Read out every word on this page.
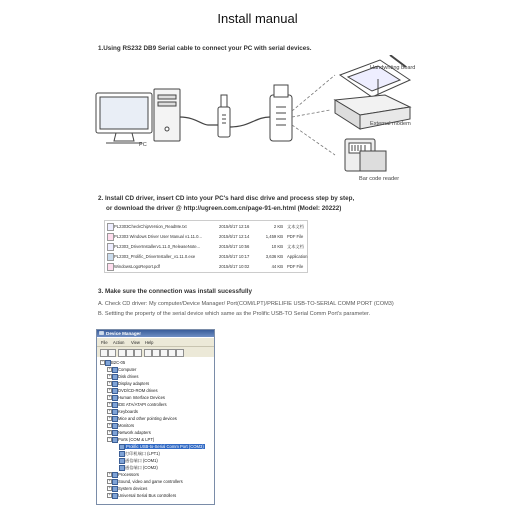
Install manual
1.Using RS232 DB9 Serial cable to connect your PC with serial devices.
PC
Handwriting board
External modem
Bar code reader
2. Install CD driver, insert CD into your PC's hard disc drive and process step by step,
or download the driver @ http://ugreen.com.cn/page-91-en.html (Model: 20222)
PL2303CheckChipVersion_ReadMe.txt	2015/6/17 12:16	2 KB 文本文档
PL2303 Windows Driver User Manual v1.11.0...	2015/6/17 12:14	1,459 KB PDF File
PL2303_DriverInstallerv1.11.0_ReleaseNote...	2015/6/17 10:56	10 KB 文本文档
PL2303_Prolific_DriverInstaller_v1.11.0.exe	2015/6/17 10:17	3,636 KB Application
WindowsLogoReport.pdf	2015/6/17 10:02	44 KB PDF File
3. Make sure the connection was install sucessfully
A. Check CD driver: My computer/Device Manager/ Port(COM/LPT)/PRELIFIE USB-TO-SERIAL COMM PORT (COM3)
B. Settting the property of the serial device which same as the Prolific USB-TO Serial Comm Port's parameter.
Device Manager
File Action View Help
−	B2C-05
+	Computer
+	Disk drives
+	Display adapters
+	DVD/CD-ROM drives
+	Human Interface Devices
+	IDE ATA/ATAPI controllers
+	Keyboards
+	Mice and other pointing devices
+	Monitors
+	Network adapters
−	Ports (COM & LPT)
Prolific USB-to-Serial Comm Port (COM3)
打印机端口 (LPT1)
通信端口 (COM1)
通信端口 (COM2)
+	Processors
+	Sound, video and game controllers
+	System devices
+	Universal Serial Bus controllers
